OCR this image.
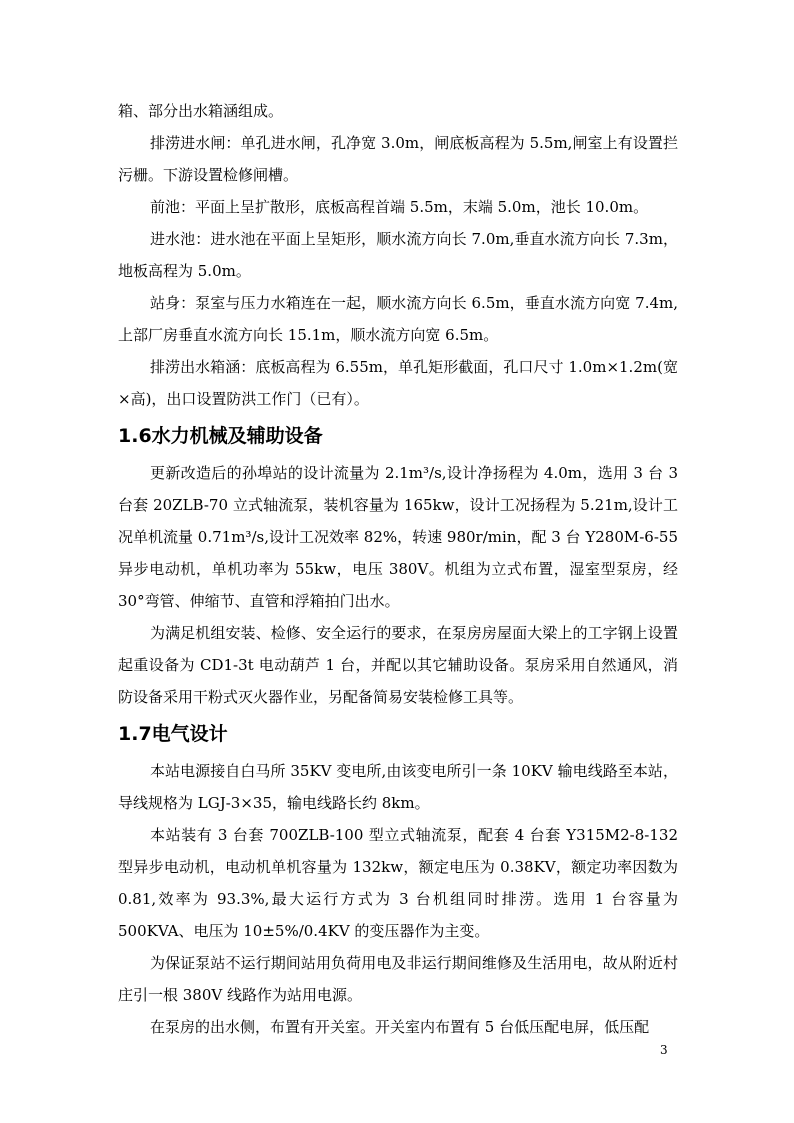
箱、部分出水箱涵组成。

排涝进水闸：单孔进水闸，孔净宽 3.0m，闸底板高程为 5.5m,闸室上有设置拦污栅。下游设置检修闸槽。

前池：平面上呈扩散形，底板高程首端 5.5m，末端 5.0m，池长 10.0m。

进水池：进水池在平面上呈矩形，顺水流方向长 7.0m,垂直水流方向长 7.3m，地板高程为 5.0m。

站身：泵室与压力水箱连在一起，顺水流方向长 6.5m，垂直水流方向宽 7.4m,上部厂房垂直水流方向长 15.1m，顺水流方向宽 6.5m。

排涝出水箱涵：底板高程为 6.55m，单孔矩形截面，孔口尺寸 1.0m×1.2m(宽×高)，出口设置防洪工作门（已有）。

1.6水力机械及辅助设备

更新改造后的孙埠站的设计流量为 2.1m³/s,设计净扬程为 4.0m，选用 3 台 3 台套 20ZLB-70 立式轴流泵，装机容量为 165kw，设计工况扬程为 5.21m,设计工况单机流量 0.71m³/s,设计工况效率 82%，转速 980r/min，配 3 台 Y280M-6-55 异步电动机，单机功率为 55kw，电压 380V。机组为立式布置，湿室型泵房，经 30°弯管、伸缩节、直管和浮箱拍门出水。

为满足机组安装、检修、安全运行的要求，在泵房房屋面大梁上的工字钢上设置起重设备为 CD1-3t 电动葫芦 1 台，并配以其它辅助设备。泵房采用自然通风，消防设备采用干粉式灭火器作业，另配备简易安装检修工具等。

1.7电气设计

本站电源接自白马所 35KV 变电所,由该变电所引一条 10KV 输电线路至本站，导线规格为 LGJ-3×35，输电线路长约 8km。

本站装有 3 台套 700ZLB-100 型立式轴流泵，配套 4 台套 Y315M2-8-132 型异步电动机，电动机单机容量为 132kw，额定电压为 0.38KV，额定功率因数为 0.81,效率为 93.3%,最大运行方式为 3 台机组同时排涝。选用 1 台容量为 500KVA、电压为 10±5%/0.4KV 的变压器作为主变。

为保证泵站不运行期间站用负荷用电及非运行期间维修及生活用电，故从附近村庄引一根 380V 线路作为站用电源。

在泵房的出水侧，布置有开关室。开关室内布置有 5 台低压配电屏，低压配

3
